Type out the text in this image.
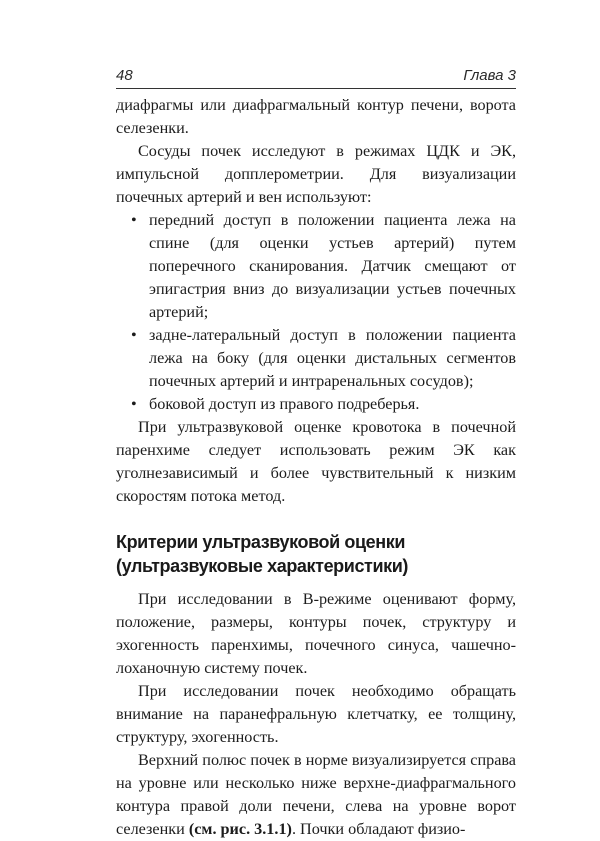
48	Глава 3

диафрагмы или диафрагмальный контур печени, ворота селезенки.

Сосуды почек исследуют в режимах ЦДК и ЭК, импульсной допплерометрии. Для визуализации почечных артерий и вен используют:

• передний доступ в положении пациента лежа на спине (для оценки устьев артерий) путем поперечного сканирования. Датчик смещают от эпигастрия вниз до визуализации устьев почечных артерий;
• задне-латеральный доступ в положении пациента лежа на боку (для оценки дистальных сегментов почечных артерий и интраренальных сосудов);
• боковой доступ из правого подреберья.

При ультразвуковой оценке кровотока в почечной паренхиме следует использовать режим ЭК как уголнезависимый и более чувствительный к низким скоростям потока метод.

Критерии ультразвуковой оценки
(ультразвуковые характеристики)

При исследовании в В-режиме оценивают форму, положение, размеры, контуры почек, структуру и эхогенность паренхимы, почечного синуса, чашечно-лоханочную систему почек.

При исследовании почек необходимо обращать внимание на паранефральную клетчатку, ее толщину, структуру, эхогенность.

Верхний полюс почек в норме визуализируется справа на уровне или несколько ниже верхне-диафрагмального контура правой доли печени, слева на уровне ворот селезенки (см. рис. 3.1.1). Почки обладают физио-
